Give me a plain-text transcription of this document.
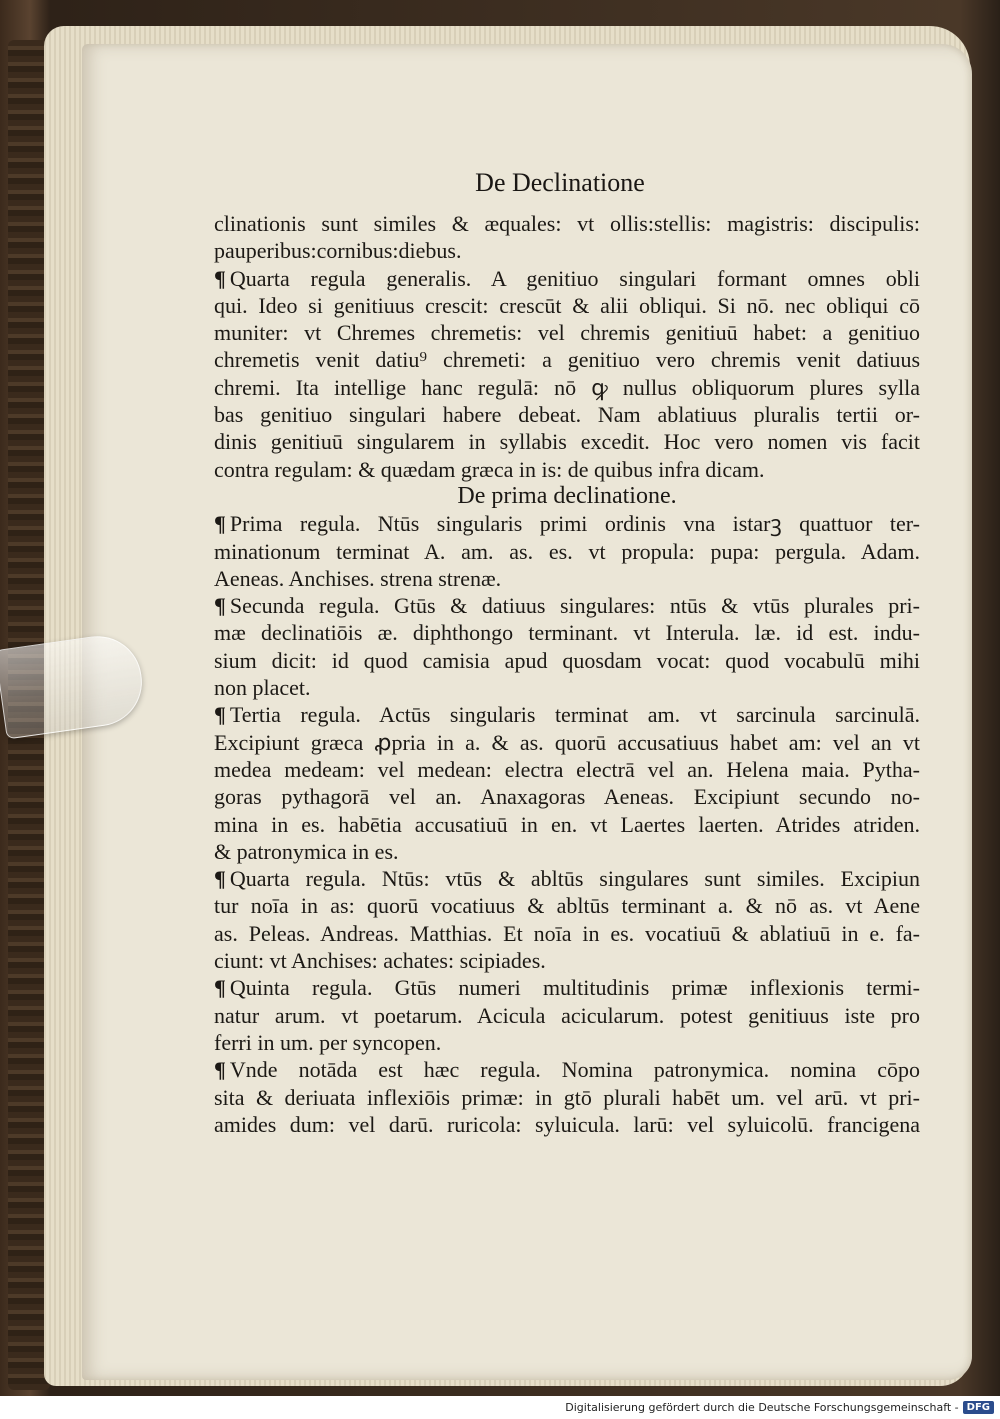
De Declinatione
clinationis sunt similes & æquales: vt ollis:stellis: magistris: discipulis:
pauperibus:cornibus:diebus.
¶ Quarta regula generalis. A genitiuo singulari formant omnes obli
qui. Ideo si genitiuus crescit: crescūt & alii obliqui. Si nō. nec obliqui cō
muniter: vt Chremes chremetis: vel chremis genitiuū habet: a genitiuo
chremetis venit datiu⁹ chremeti: a genitiuo vero chremis venit datiuus
chremi. Ita intellige hanc regulā: nō ꝙ nullus obliquorum plures sylla
bas genitiuo singulari habere debeat. Nam ablatiuus pluralis tertii or-
dinis genitiuū singularem in syllabis excedit. Hoc vero nomen vis facit
contra regulam: & quædam græca in is: de quibus infra dicam.
De prima declinatione.
¶ Prima regula. Ntūs singularis primi ordinis vna istarꝫ quattuor ter-
minationum terminat A. am. as. es. vt propula: pupa: pergula. Adam.
Aeneas. Anchises. strena strenæ.
¶ Secunda regula. Gtūs & datiuus singulares: ntūs & vtūs plurales pri-
mæ declinatiōis æ. diphthongo terminant. vt Interula. læ. id est. indu-
sium dicit: id quod camisia apud quosdam vocat: quod vocabulū mihi
non placet.
¶ Tertia regula. Actūs singularis terminat am. vt sarcinula sarcinulā.
Excipiunt græca ꝓpria in a. & as. quorū accusatiuus habet am: vel an vt
medea medeam: vel medean: electra electrā vel an. Helena maia. Pytha-
goras pythagorā vel an. Anaxagoras Aeneas. Excipiunt secundo no-
mina in es. habētia accusatiuū in en. vt Laertes laerten. Atrides atriden.
& patronymica in es.
¶ Quarta regula. Ntūs: vtūs & abltūs singulares sunt similes. Excipiun
tur noīa in as: quorū vocatiuus & abltūs terminant a. & nō as. vt Aene
as. Peleas. Andreas. Matthias. Et noīa in es. vocatiuū & ablatiuū in e. fa-
ciunt: vt Anchises: achates: scipiades.
¶ Quinta regula. Gtūs numeri multitudinis primæ inflexionis termi-
natur arum. vt poetarum. Acicula acicularum. potest genitiuus iste pro
ferri in um. per syncopen.
¶ Vnde notāda est hæc regula. Nomina patronymica. nomina cōpo
sita & deriuata inflexiōis primæ: in gtō plurali habēt um. vel arū. vt pri-
amides dum: vel darū. ruricola: syluicula. larū: vel syluicolū. francigena
Digitalisierung gefördert durch die Deutsche Forschungsgemeinschaft - DFG
